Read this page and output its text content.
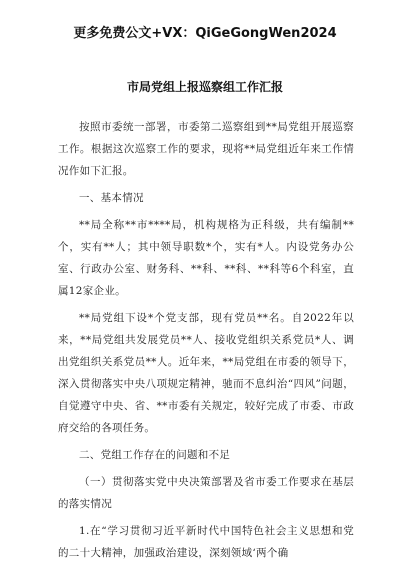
更多免费公文+VX：QiGeGongWen2024
市局党组上报巡察组工作汇报

按照市委统一部署，市委第二巡察组到**局党组开展巡察工作。根据这次巡察工作的要求，现将**局党组近年来工作情况作如下汇报。

一、基本情况

**局全称**市****局，机构规格为正科级，共有编制**个，实有**人；其中领导职数*个，实有*人。内设党务办公室、行政办公室、财务科、**科、**科、**科等6个科室，直属12家企业。

**局党组下设*个党支部，现有党员**名。自2022年以来，**局党组共发展党员**人、接收党组织关系党员*人、调出党组织关系党员**人。近年来，**局党组在市委的领导下，深入贯彻落实中央八项规定精神，驰而不息纠治“四风”问题，自觉遵守中央、省、**市委有关规定，较好完成了市委、市政府交给的各项任务。

二、党组工作存在的问题和不足

（一）贯彻落实党中央决策部署及省市委工作要求在基层的落实情况

1.在“学习贯彻习近平新时代中国特色社会主义思想和党的二十大精神，加强政治建设，深刻领域‘两个确
